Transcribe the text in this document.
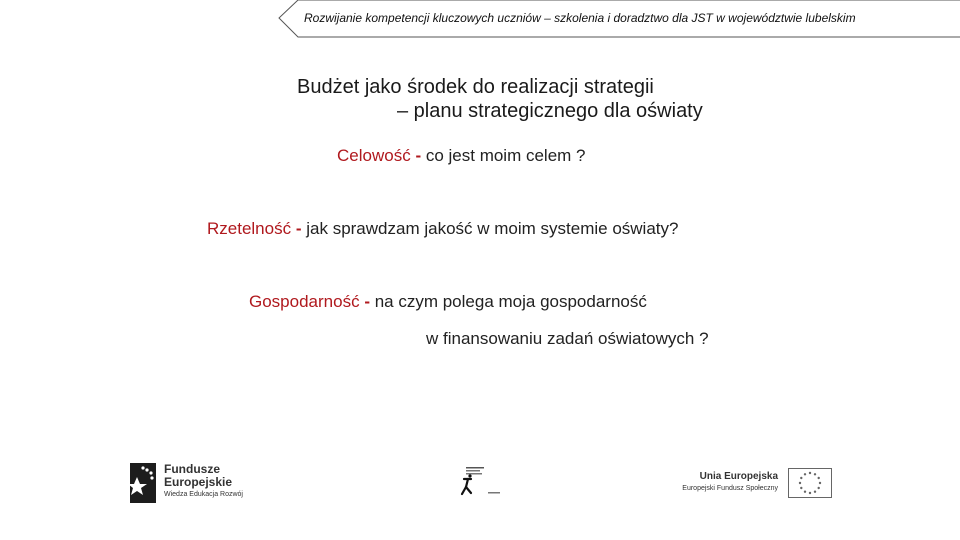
Rozwijanie kompetencji kluczowych uczniów – szkolenia i doradztwo dla JST w województwie lubelskim
Budżet jako środek do realizacji strategii
– planu strategicznego dla oświaty
Celowość - co jest moim celem ?
Rzetelność - jak sprawdzam jakość w moim systemie oświaty?
Gospodarność - na czym polega moja gospodarność
w finansowaniu zadań oświatowych ?
Fundusze
Europejskie
Wiedza Edukacja Rozwój
Unia Europejska
Europejski Fundusz Społeczny
